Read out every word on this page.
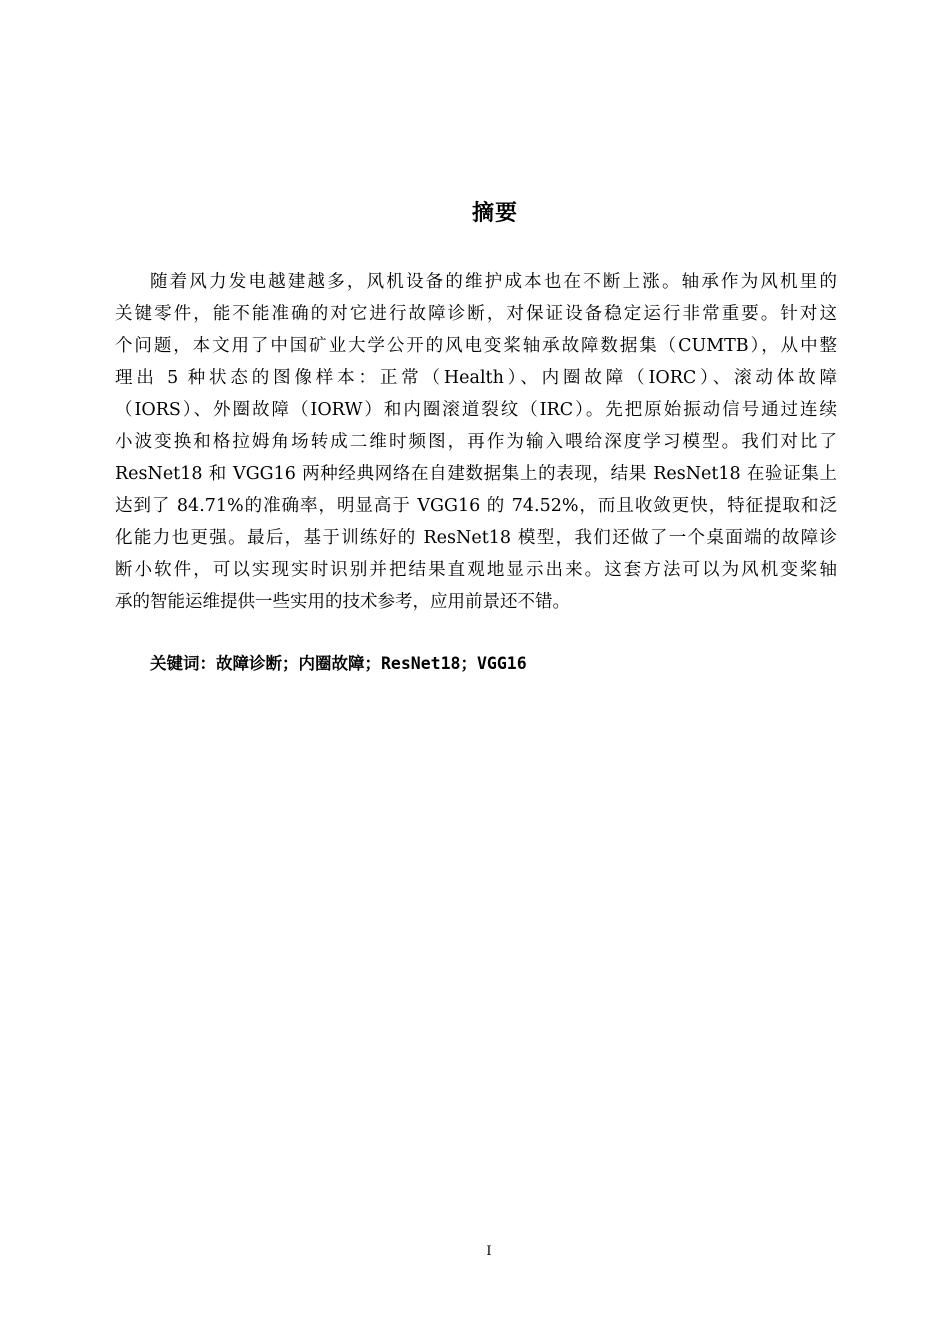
摘要
随着风力发电越建越多，风机设备的维护成本也在不断上涨。轴承作为风机里的
关键零件，能不能准确的对它进行故障诊断，对保证设备稳定运行非常重要。针对这
个问题，本文用了中国矿业大学公开的风电变桨轴承故障数据集（CUMTB），从中整
理出 5 种状态的图像样本：正常（Health）、内圈故障（IORC）、滚动体故障
（IORS）、外圈故障（IORW）和内圈滚道裂纹（IRC）。先把原始振动信号通过连续
小波变换和格拉姆角场转成二维时频图，再作为输入喂给深度学习模型。我们对比了
ResNet18 和 VGG16 两种经典网络在自建数据集上的表现，结果 ResNet18 在验证集上
达到了 84.71%的准确率，明显高于 VGG16 的 74.52%，而且收敛更快，特征提取和泛
化能力也更强。最后，基于训练好的 ResNet18 模型，我们还做了一个桌面端的故障诊
断小软件，可以实现实时识别并把结果直观地显示出来。这套方法可以为风机变桨轴
承的智能运维提供一些实用的技术参考，应用前景还不错。
关键词：故障诊断；内圈故障；ResNet18；VGG16
I
